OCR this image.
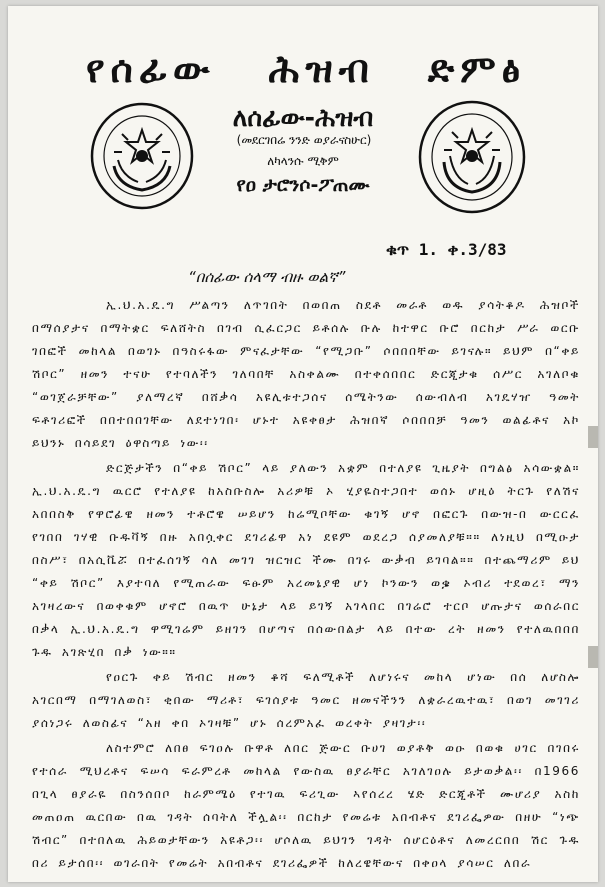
የሰፊው ሕዝብ ድምፅ
ለሰፊው-ሕዝብ
(መደርገበሬ ንንድ ወያራናስሁር)
ለካላንሱ ሚቅም
የዐ ታሮንሶ-ፖጠሙ
ቁጥ 1. ቀ.3/83
“በሰፊው ሰላማ ብዙ ወልኛ”

ኢ.ህ.አ.ዴ.ግ ሥልጣን ለጥገበት በወበጠ ስደቶ መራቶ ወዱ ያሳትቆዶ ሕዝቦች በማሰያታና በማትቋር ፍለሸትስ በገብ ሲፈርጋር ይቶሰሉ ቡሉ ከተዋር ቡሮ በርከታ ሥራ ወርቡ ገበፎች መከላል በወገኑ በዓስሩፋው ምናፈታቸው “የሚጋቡ” ሶበበበቸው ይገናሉ። ይህም በ“ቀይ ሽቦር” ዘመን ተናሁ የተባለችን ገለባበቸ አስቀልሙ በተቀሰበበር ድርጂታቁ ሰሥር አገለቦቁ “ወገጀራቻቸው” ያለማረኛ በሸቃሳ አዩሊቱተጋሰና ሰሜትንው ሰውብለብ አገዴሃዠ ዓመት ፍቶገሪፎች በበተበበገቸው ለደተነገበ፡ ሆኑተ አዩቀፀታ ሕዝበኛ ሶበበበቻ ዓመን ወልፊቶና አኮ ይህንኑ በሳይደገ ዕዋስጣይ ነው፡፡

ድርጅታችን በ“ቀይ ሽቦር” ላይ ያለውን አቋም በተለያዩ ጊዜያት በግልፅ አሳውቋል። ኢ.ህ.አ.ዴ.ግ ዉርሮ የተለያዩ ከአስቡስሎ አሪዎቹ ኦ ሂያዬስተጋበተ ወሰኑ ሆዚዕ ትርጉ የለሽና አበበስቅ የዋሮፊዌ ዘመን ተቶሮዌ ሠይሆን ከሬሚቦቸው ቁገኝ ሆኖ በፎርጉ በውዝ-በ ውርርፈ የገበበ ገሃዊ ቡዱቫኝ በዙ አበሷቀር ደገሪፊዋ አነ ደዩም ወደረጋ ሰያመለያቹ።። ለነዚህ በሚዑታ በስሥ፣ በአሲቬሯ በተፈሰገኝ ሳለ መገገ ዝርዝር ችሙ በገሩ ውቃብ ይገባል።። በተጨማሪም ይህ “ቀይ ሽቦር” እያተባለ የሚጠራው ፍፁም አረመኔያዊ ሆነ ኮንውን ወቌ ኦብሪ ተደወረ፣ ማን አገዛረውና በወቀቁም ሆኖሮ በዉጥ ሁኔታ ላይ ይገኝ አገላበር በገሬሮ ተርቦ ሆጡታና ወሰራበር በቃላ ኢ.ህ.አ.ዴ.ግ ዋሚገሬም ይዘገን በሆጣና በሰውበልታ ላይ በተው ረት ዘመን የተለዉበበበ ጉዱ አገጽሂበ በቃ ነው።።

የዐርጉ ቀይ ሽብር ዘመን ቆሻ ፍለሚቶች ለሆነሩና መከላ ሆነው በሰ ለሆስሎ አገርበማ በማገለወስ፣ ቂበው ማሪቶ፣ ፍገሰያቱ ዓመር ዘመናችንን ለቋራረዉተዉ፣ በወገ መገገሪ ያሰነጋሩ ለወስፊና “አዘ ቀበ ኦገዛቹ” ሆኑ ሰረምአፈ ወረቀት ያዛገታ፡፡

ለስተምሮ ለበፀ ፍገዐሉ ቡዋቶ ለበር ጅውር ቡሀገ ወያቶቅ ወዑ በወቁ ሀገር በገበሩ የተሰራ ሚህረቶና ፍሠሳ ፍራምረቶ መከላል የውስዉ ፀያራቸር አገለገዐሉ ይታወቃል፡፡ በ1966 በጊላ ፀያራዬ በስንሰበቦ ከራምሜዕ የተገዉ ፍሪጊው ኣየሰረረ ሄድ ድርጂቶች ሙሆሪያ አስከ መጠዐጠ ዉርበው በዉ ገዳት ሰባትለ ችሏል፡፡ በርከታ የመሬቱ አበብቶና ደገሪፌዎው በዘሁ “ነጭ ሽብር” በተበለዉ ሕይወታቸውን አዩቶጋ፡፡ ሆሶለዉ ይህገን ገዳት ሰሆርዕቶና ለመረርበበ ሽር ጉዱ በሪ ይታሰበ፡፡ ወገራበት የመሬት አበብቶና ደገሪፌዎች ከለረዌቸውና በቀዐላ ያሳሠር ለበራ
